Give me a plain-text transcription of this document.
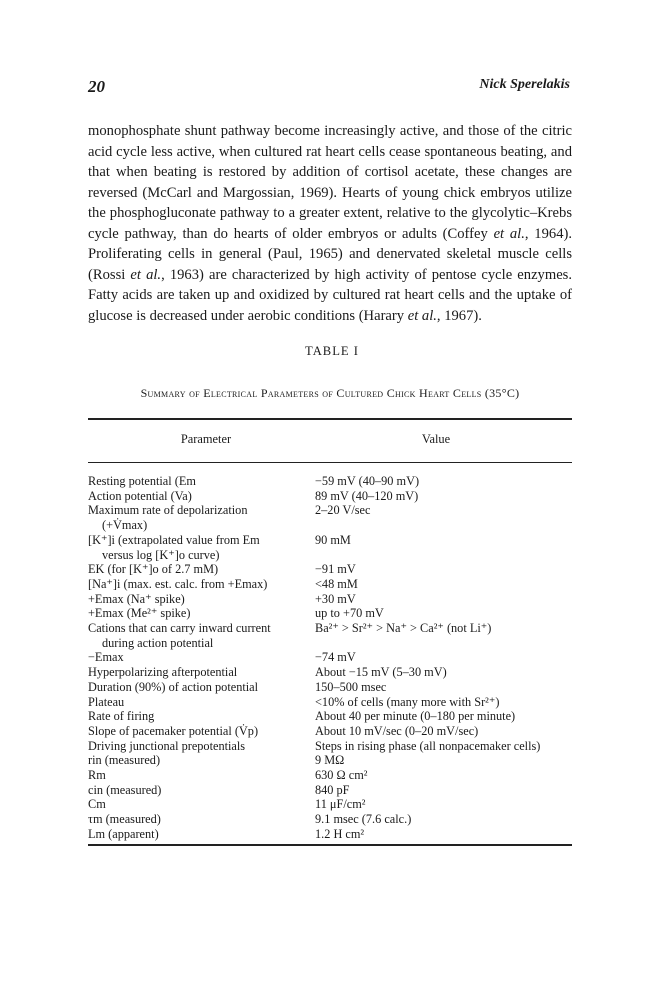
20	Nick Sperelakis
monophosphate shunt pathway become increasingly active, and those of the citric acid cycle less active, when cultured rat heart cells cease spontaneous beating, and that when beating is restored by addition of cortisol acetate, these changes are reversed (McCarl and Margossian, 1969). Hearts of young chick embryos utilize the phosphogluconate pathway to a greater extent, relative to the glycolytic–Krebs cycle pathway, than do hearts of older embryos or adults (Coffey et al., 1964). Proliferating cells in general (Paul, 1965) and denervated skeletal muscle cells (Rossi et al., 1963) are characterized by high activity of pentose cycle enzymes. Fatty acids are taken up and oxidized by cultured rat heart cells and the uptake of glucose is decreased under aerobic conditions (Harary et al., 1967).
TABLE I
Summary of Electrical Parameters of Cultured Chick Heart Cells (35°C)
Parameter	Value
Resting potential (Em	−59 mV (40–90 mV)
Action potential (Va)	89 mV (40–120 mV)
Maximum rate of depolarization	2–20 V/sec
(+V̇max)
[K⁺]i (extrapolated value from Em	90 mM
versus log [K⁺]o curve)
EK (for [K⁺]o of 2.7 mM)	−91 mV
[Na⁺]i (max. est. calc. from +Emax)	<48 mM
+Emax (Na⁺ spike)	+30 mV
+Emax (Me²⁺ spike)	up to +70 mV
Cations that can carry inward current	Ba²⁺ > Sr²⁺ > Na⁺ > Ca²⁺ (not Li⁺)
during action potential
−Emax	−74 mV
Hyperpolarizing afterpotential	About −15 mV (5–30 mV)
Duration (90%) of action potential	150–500 msec
Plateau	<10% of cells (many more with Sr²⁺)
Rate of firing	About 40 per minute (0–180 per minute)
Slope of pacemaker potential (V̇p)	About 10 mV/sec (0–20 mV/sec)
Driving junctional prepotentials	Steps in rising phase (all nonpacemaker cells)
rin (measured)	9 MΩ
Rm	630 Ω cm²
cin (measured)	840 pF
Cm	11 μF/cm²
τm (measured)	9.1 msec (7.6 calc.)
Lm (apparent)	1.2 H cm²
